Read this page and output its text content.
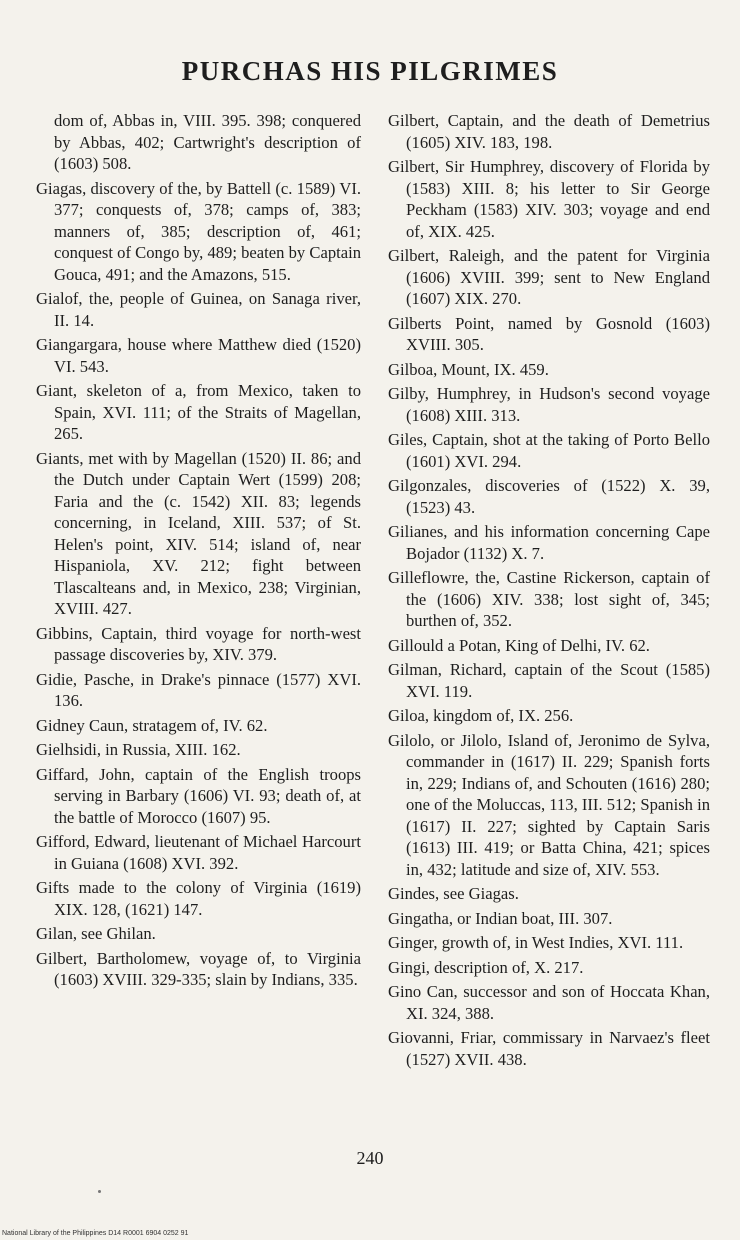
PURCHAS HIS PILGRIMES

dom of, Abbas in, VIII. 395. 398; conquered by Abbas, 402; Cartwright's description of (1603) 508.

Giagas, discovery of the, by Battell (c. 1589) VI. 377; conquests of, 378; camps of, 383; manners of, 385; description of, 461; conquest of Congo by, 489; beaten by Captain Gouca, 491; and the Amazons, 515.

Gialof, the, people of Guinea, on Sanaga river, II. 14.

Giangargara, house where Matthew died (1520) VI. 543.

Giant, skeleton of a, from Mexico, taken to Spain, XVI. 111; of the Straits of Magellan, 265.

Giants, met with by Magellan (1520) II. 86; and the Dutch under Captain Wert (1599) 208; Faria and the (c. 1542) XII. 83; legends concerning, in Iceland, XIII. 537; of St. Helen's point, XIV. 514; island of, near Hispaniola, XV. 212; fight between Tlascalteans and, in Mexico, 238; Virginian, XVIII. 427.

Gibbins, Captain, third voyage for north-west passage discoveries by, XIV. 379.

Gidie, Pasche, in Drake's pinnace (1577) XVI. 136.

Gidney Caun, stratagem of, IV. 62.

Gielhsidi, in Russia, XIII. 162.

Giffard, John, captain of the English troops serving in Barbary (1606) VI. 93; death of, at the battle of Morocco (1607) 95.

Gifford, Edward, lieutenant of Michael Harcourt in Guiana (1608) XVI. 392.

Gifts made to the colony of Virginia (1619) XIX. 128, (1621) 147.

Gilan, see Ghilan.

Gilbert, Bartholomew, voyage of, to Virginia (1603) XVIII. 329-335; slain by Indians, 335.

Gilbert, Captain, and the death of Demetrius (1605) XIV. 183, 198.

Gilbert, Sir Humphrey, discovery of Florida by (1583) XIII. 8; his letter to Sir George Peckham (1583) XIV. 303; voyage and end of, XIX. 425.

Gilbert, Raleigh, and the patent for Virginia (1606) XVIII. 399; sent to New England (1607) XIX. 270.

Gilberts Point, named by Gosnold (1603) XVIII. 305.

Gilboa, Mount, IX. 459.

Gilby, Humphrey, in Hudson's second voyage (1608) XIII. 313.

Giles, Captain, shot at the taking of Porto Bello (1601) XVI. 294.

Gilgonzales, discoveries of (1522) X. 39, (1523) 43.

Gilianes, and his information concerning Cape Bojador (1132) X. 7.

Gilleflowre, the, Castine Rickerson, captain of the (1606) XIV. 338; lost sight of, 345; burthen of, 352.

Gillould a Potan, King of Delhi, IV. 62.

Gilman, Richard, captain of the Scout (1585) XVI. 119.

Giloa, kingdom of, IX. 256.

Gilolo, or Jilolo, Island of, Jeronimo de Sylva, commander in (1617) II. 229; Spanish forts in, 229; Indians of, and Schouten (1616) 280; one of the Moluccas, 113, III. 512; Spanish in (1617) II. 227; sighted by Captain Saris (1613) III. 419; or Batta China, 421; spices in, 432; latitude and size of, XIV. 553.

Gindes, see Giagas.

Gingatha, or Indian boat, III. 307.

Ginger, growth of, in West Indies, XVI. 111.

Gingi, description of, X. 217.

Gino Can, successor and son of Hoccata Khan, XI. 324, 388.

Giovanni, Friar, commissary in Narvaez's fleet (1527) XVII. 438.

240
National Library of the Philippines D14 R0001 6904 0252 91
